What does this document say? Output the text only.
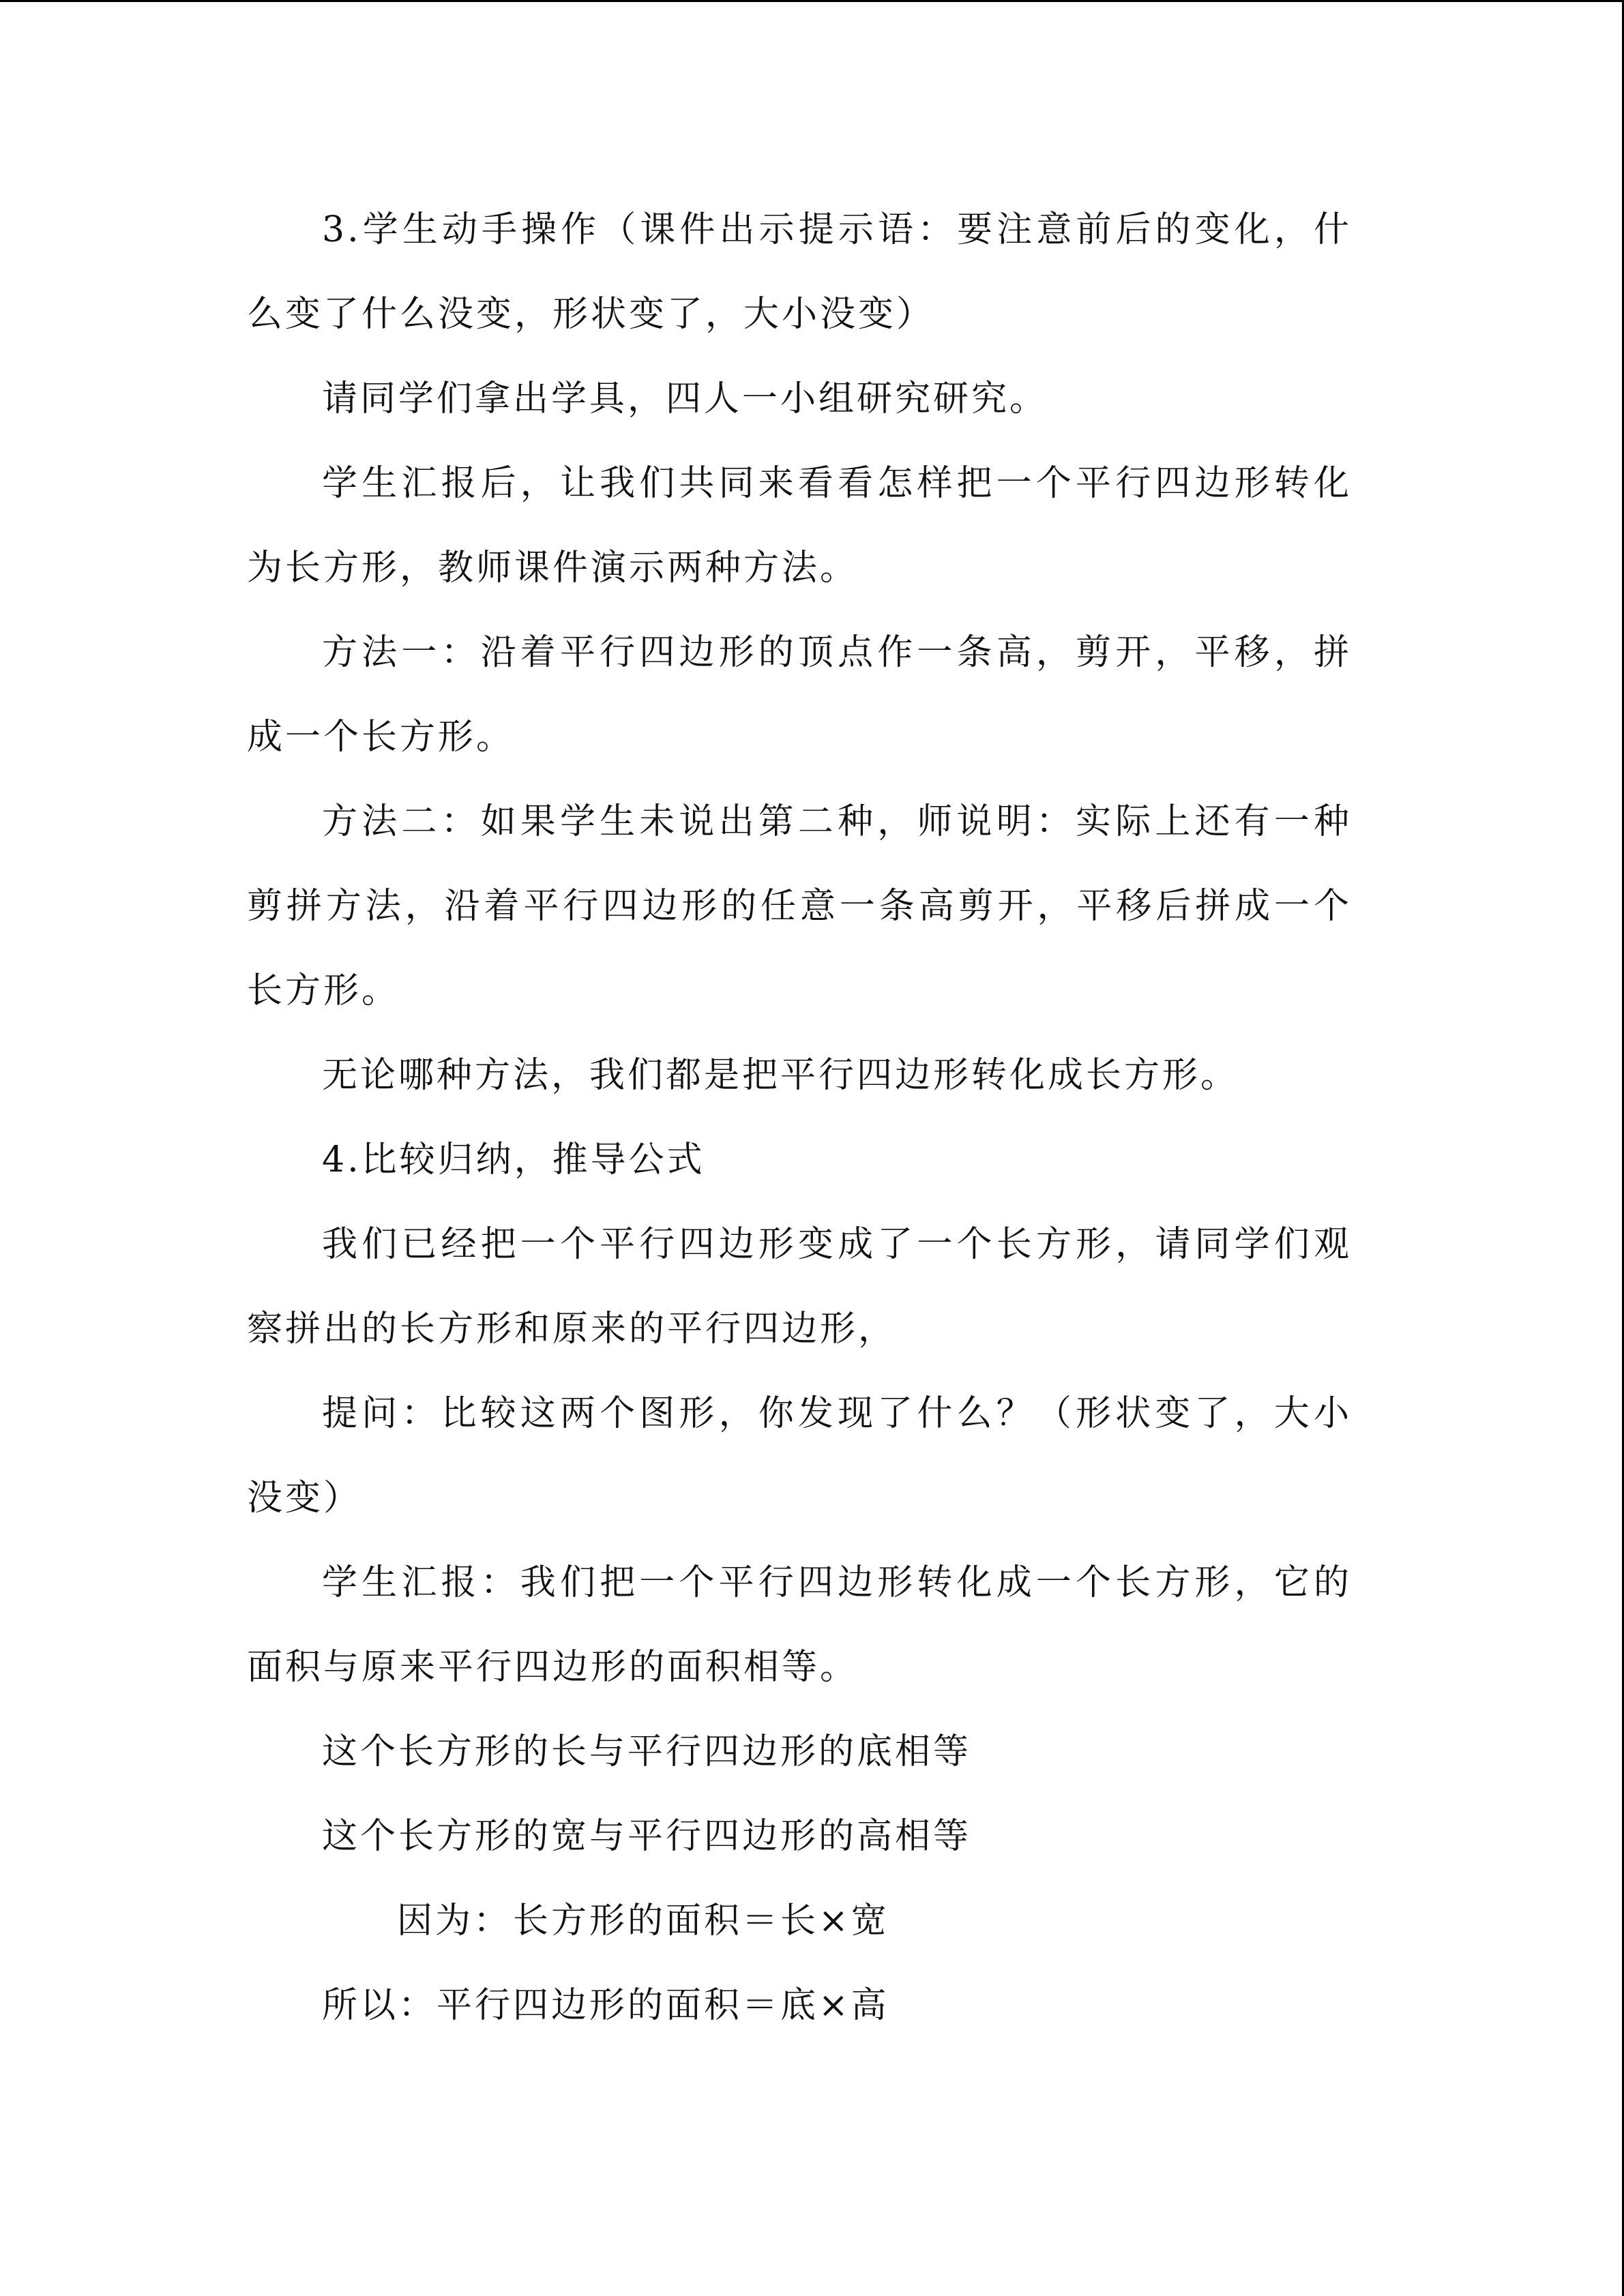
3.学生动手操作（课件出示提示语：要注意前后的变化，什么变了什么没变，形状变了，大小没变）

请同学们拿出学具，四人一小组研究研究。

学生汇报后，让我们共同来看看怎样把一个平行四边形转化为长方形，教师课件演示两种方法。

方法一：沿着平行四边形的顶点作一条高，剪开，平移，拼成一个长方形。

方法二：如果学生未说出第二种，师说明：实际上还有一种剪拼方法，沿着平行四边形的任意一条高剪开，平移后拼成一个长方形。

无论哪种方法，我们都是把平行四边形转化成长方形。

4.比较归纳，推导公式

我们已经把一个平行四边形变成了一个长方形，请同学们观察拼出的长方形和原来的平行四边形，

提问：比较这两个图形，你发现了什么？（形状变了，大小没变）

学生汇报：我们把一个平行四边形转化成一个长方形，它的面积与原来平行四边形的面积相等。

这个长方形的长与平行四边形的底相等

这个长方形的宽与平行四边形的高相等

因为：长方形的面积＝长×宽

所以：平行四边形的面积＝底×高
